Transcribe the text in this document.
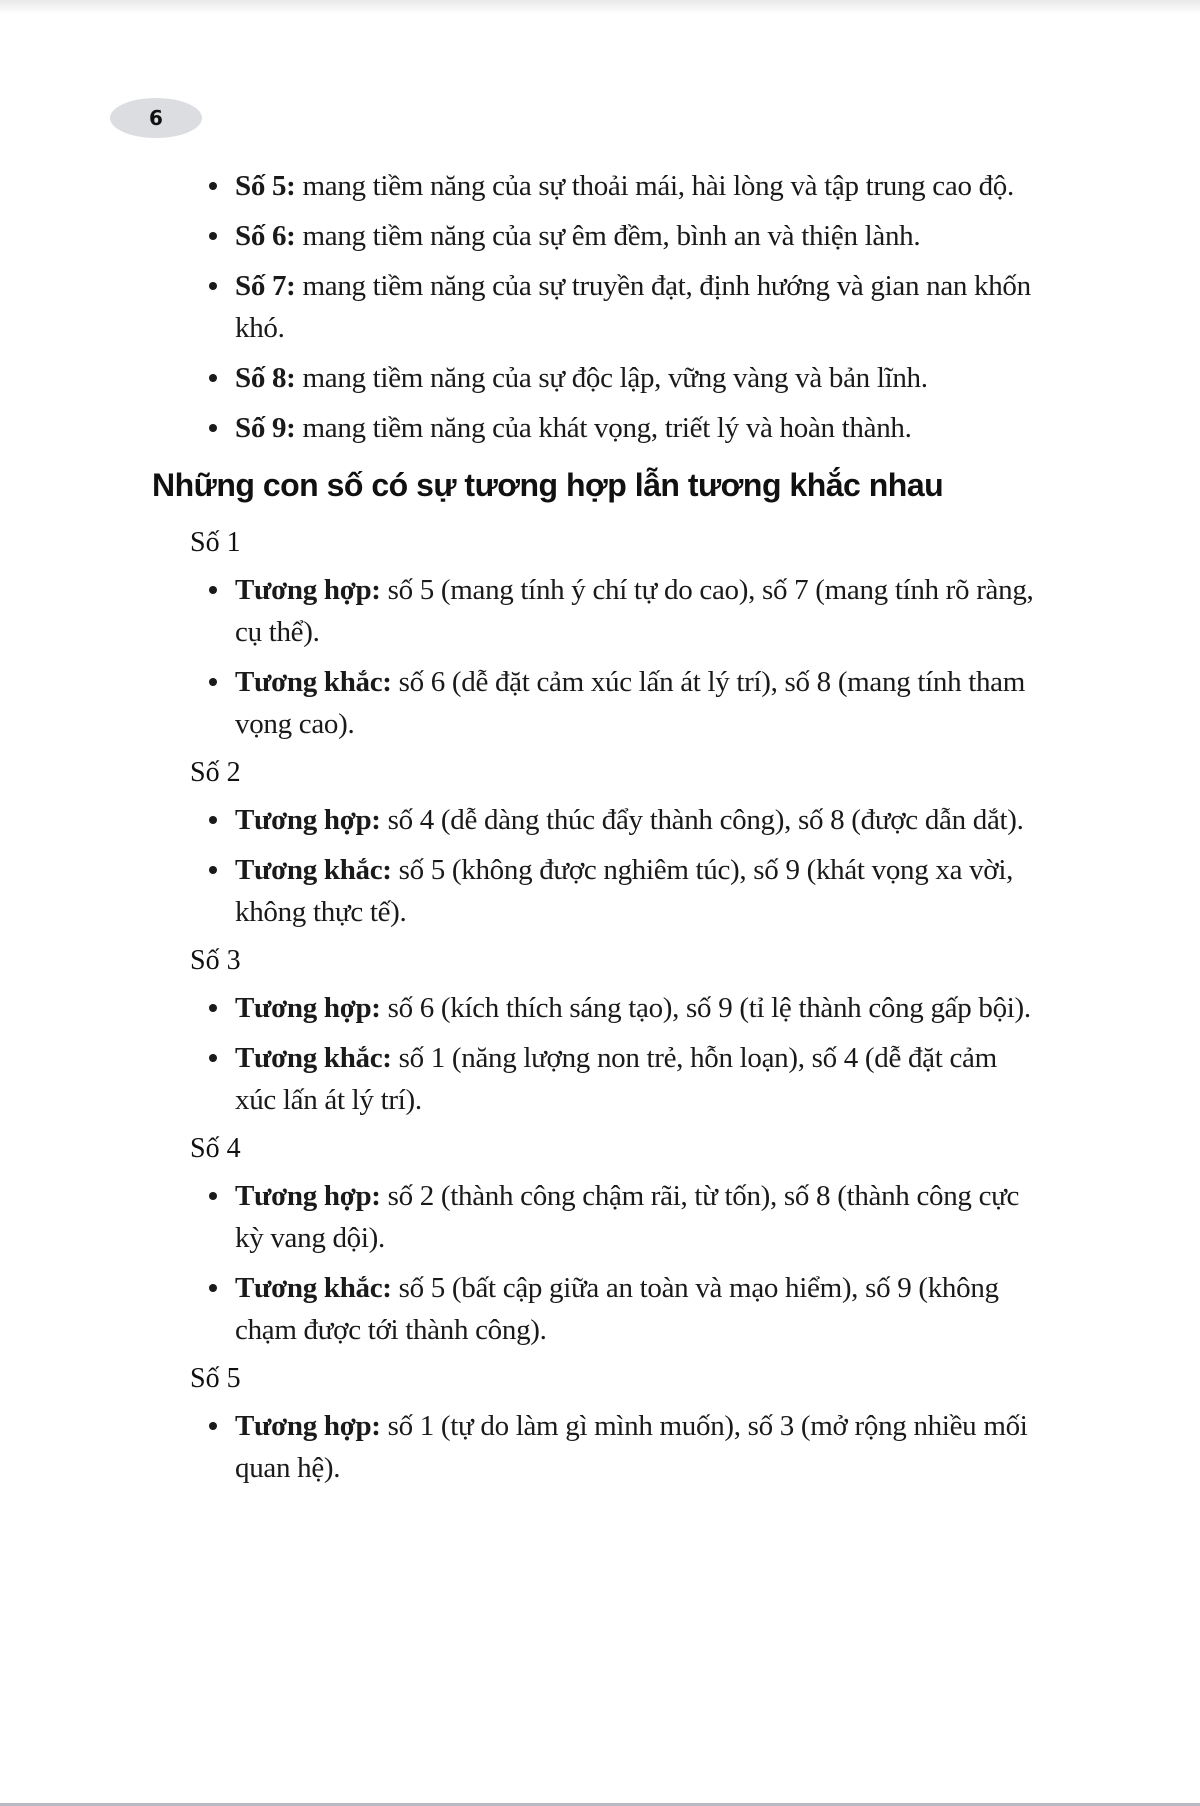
6
Số 5: mang tiềm năng của sự thoải mái, hài lòng và tập trung cao độ.
Số 6: mang tiềm năng của sự êm đềm, bình an và thiện lành.
Số 7: mang tiềm năng của sự truyền đạt, định hướng và gian nan khốn khó.
Số 8: mang tiềm năng của sự độc lập, vững vàng và bản lĩnh.
Số 9: mang tiềm năng của khát vọng, triết lý và hoàn thành.
Những con số có sự tương hợp lẫn tương khắc nhau
Số 1
Tương hợp: số 5 (mang tính ý chí tự do cao), số 7 (mang tính rõ ràng, cụ thể).
Tương khắc: số 6 (dễ đặt cảm xúc lấn át lý trí), số 8 (mang tính tham vọng cao).
Số 2
Tương hợp: số 4 (dễ dàng thúc đẩy thành công), số 8 (được dẫn dắt).
Tương khắc: số 5 (không được nghiêm túc), số 9 (khát vọng xa vời, không thực tế).
Số 3
Tương hợp: số 6 (kích thích sáng tạo), số 9 (tỉ lệ thành công gấp bội).
Tương khắc: số 1 (năng lượng non trẻ, hỗn loạn), số 4 (dễ đặt cảm xúc lấn át lý trí).
Số 4
Tương hợp: số 2 (thành công chậm rãi, từ tốn), số 8 (thành công cực kỳ vang dội).
Tương khắc: số 5 (bất cập giữa an toàn và mạo hiểm), số 9 (không chạm được tới thành công).
Số 5
Tương hợp: số 1 (tự do làm gì mình muốn), số 3 (mở rộng nhiều mối quan hệ).
